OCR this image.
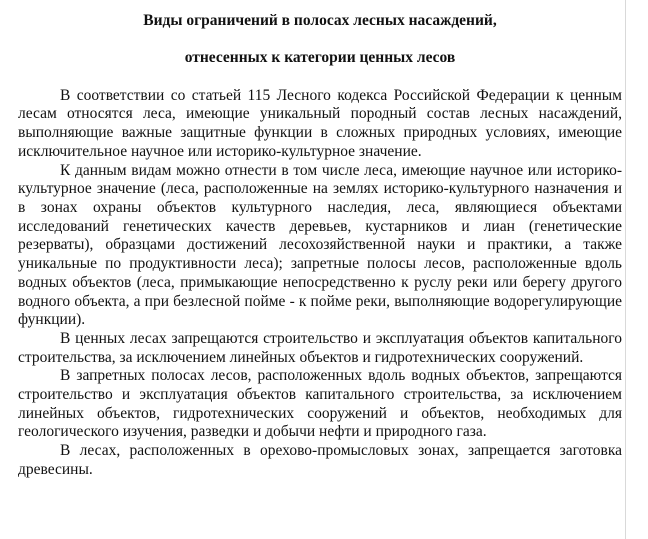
Виды ограничений в полосах лесных насаждений,
отнесенных к категории ценных лесов

В соответствии со статьей 115 Лесного кодекса Российской Федерации к ценным лесам относятся леса, имеющие уникальный породный состав лесных насаждений, выполняющие важные защитные функции в сложных природных условиях, имеющие исключительное научное или историко-культурное значение.

К данным видам можно отнести в том числе леса, имеющие научное или историко-культурное значение (леса, расположенные на землях историко-культурного назначения и в зонах охраны объектов культурного наследия, леса, являющиеся объектами исследований генетических качеств деревьев, кустарников и лиан (генетические резерваты), образцами достижений лесохозяйственной науки и практики, а также уникальные по продуктивности леса); запретные полосы лесов, расположенные вдоль водных объектов (леса, примыкающие непосредственно к руслу реки или берегу другого водного объекта, а при безлесной пойме - к пойме реки, выполняющие водорегулирующие функции).

В ценных лесах запрещаются строительство и эксплуатация объектов капитального строительства, за исключением линейных объектов и гидротехнических сооружений.

В запретных полосах лесов, расположенных вдоль водных объектов, запрещаются строительство и эксплуатация объектов капитального строительства, за исключением линейных объектов, гидротехнических сооружений и объектов, необходимых для геологического изучения, разведки и добычи нефти и природного газа.

В лесах, расположенных в орехово-промысловых зонах, запрещается заготовка древесины.
